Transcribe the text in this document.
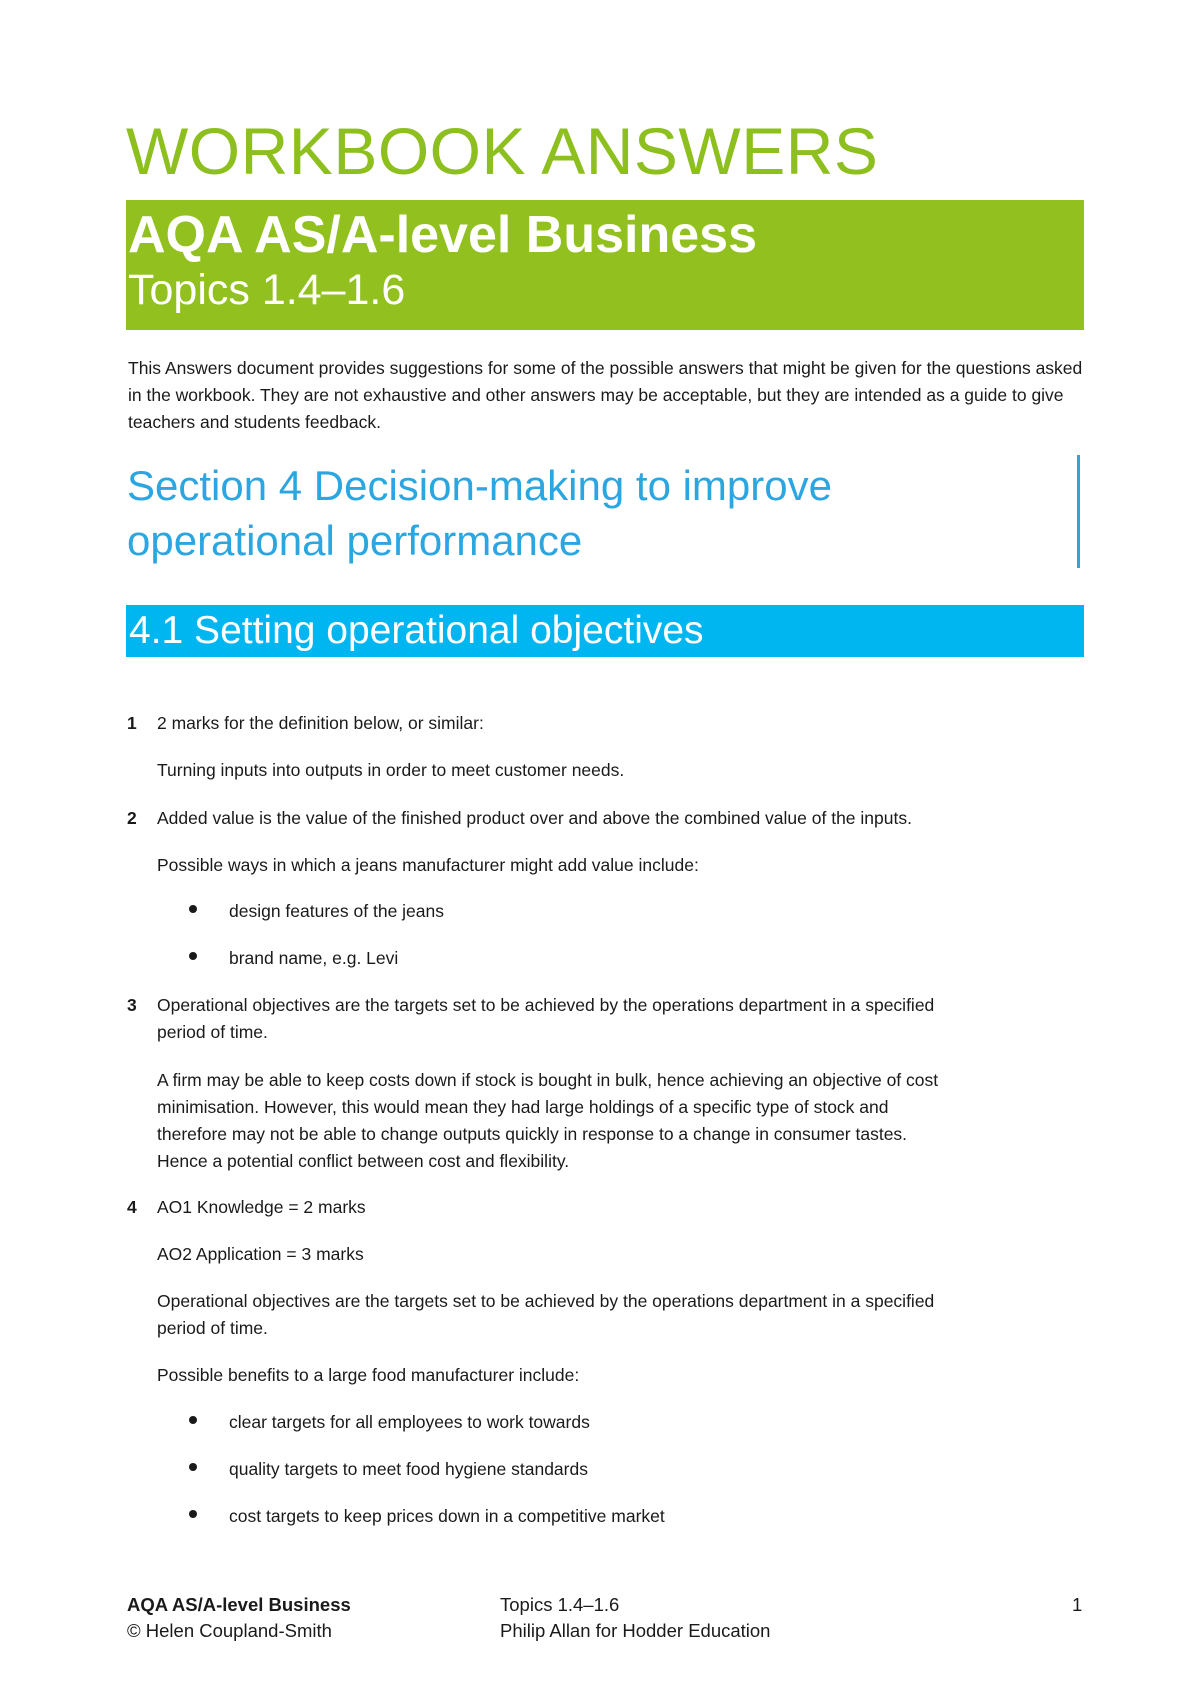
WORKBOOK ANSWERS
AQA AS/A-level Business
Topics 1.4–1.6

This Answers document provides suggestions for some of the possible answers that might be given for the questions asked in the workbook. They are not exhaustive and other answers may be acceptable, but they are intended as a guide to give teachers and students feedback.

Section 4 Decision-making to improve
operational performance
4.1 Setting operational objectives
1 2 marks for the definition below, or similar:

Turning inputs into outputs in order to meet customer needs.

2 Added value is the value of the finished product over and above the combined value of the inputs.

Possible ways in which a jeans manufacturer might add value include:

design features of the jeans
brand name, e.g. Levi
3 Operational objectives are the targets set to be achieved by the operations department in a specified

period of time.

A firm may be able to keep costs down if stock is bought in bulk, hence achieving an objective of cost

minimisation. However, this would mean they had large holdings of a specific type of stock and

therefore may not be able to change outputs quickly in response to a change in consumer tastes.

Hence a potential conflict between cost and flexibility.

4 AO1 Knowledge = 2 marks

AO2 Application = 3 marks

Operational objectives are the targets set to be achieved by the operations department in a specified

period of time.

Possible benefits to a large food manufacturer include:

clear targets for all employees to work towards
quality targets to meet food hygiene standards
cost targets to keep prices down in a competitive market
AQA AS/A-level Business
© Helen Coupland-Smith
Topics 1.4–1.6
Philip Allan for Hodder Education
1
